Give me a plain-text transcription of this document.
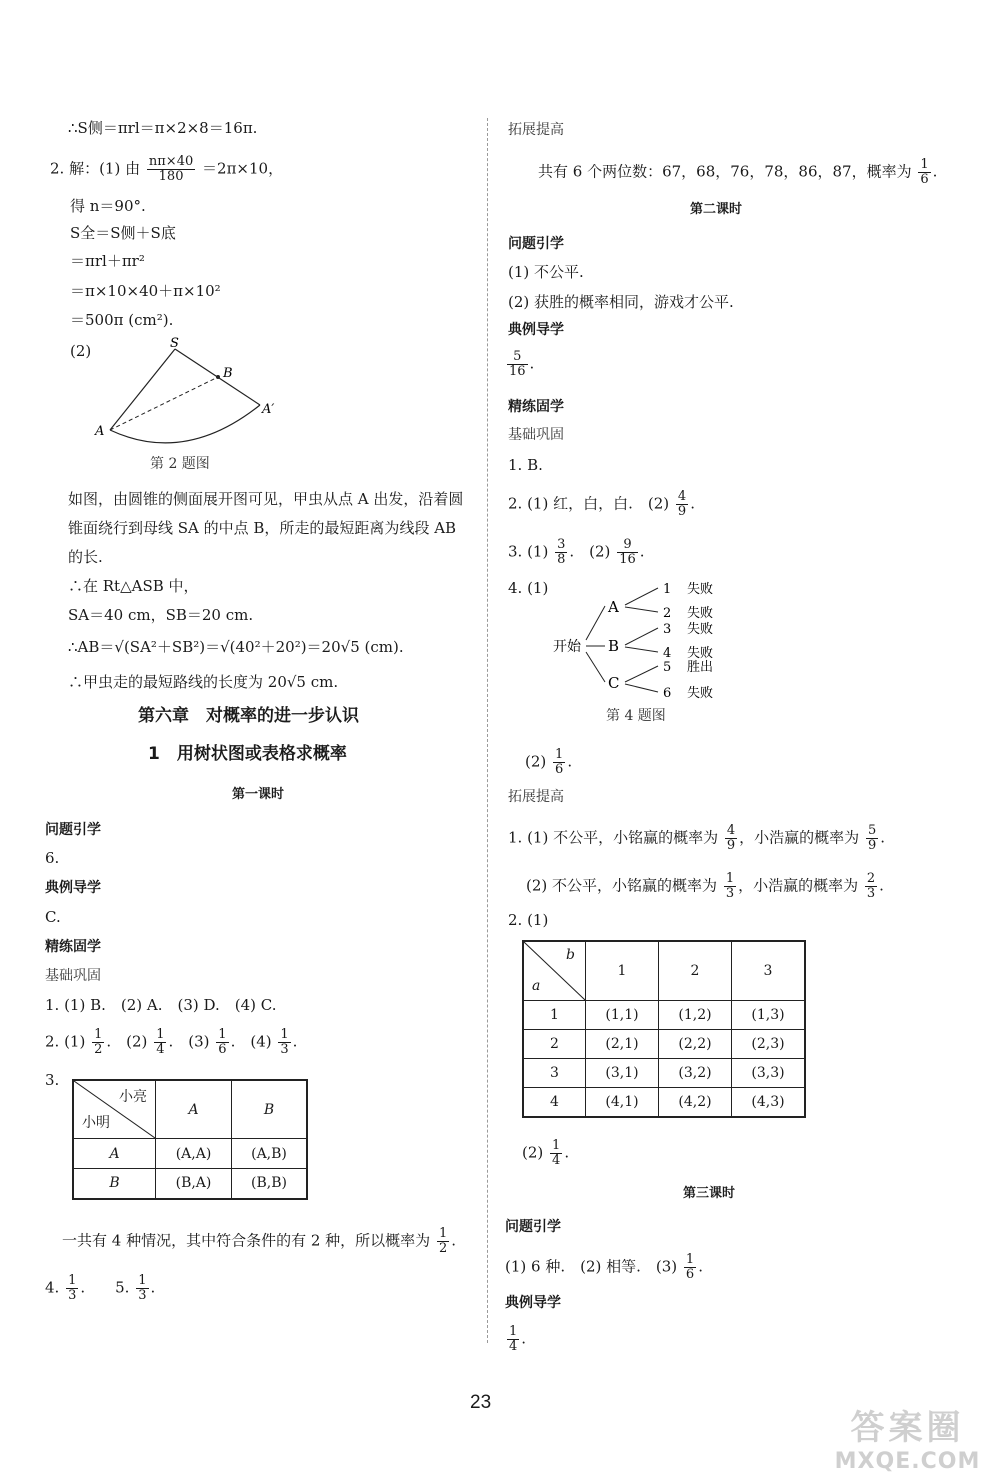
∴S侧＝πrl＝π×2×8＝16π.
2. 解：(1) 由 $\frac{n\pi\times 40}{180} =2\pi\times 10$，
得 n＝90°.
S全＝S侧＋S底
＝πrl＋πr²
＝π×10×40＋π×10²
＝500π (cm²).
(2)	S
B
A
A′
第 2 题图
如图，由圆锥的侧面展开图可见，甲虫从点 A 出发，沿着圆
锥面绕行到母线 SA 的中点 B，所走的最短距离为线段 AB
的长.
∴在 Rt△ASB 中，
SA＝40 cm，SB＝20 cm.
∴AB＝√(SA²＋SB²)＝√(40²＋20²)＝20√5 (cm).
∴甲虫走的最短路线的长度为 20√5 cm.
第六章　对概率的进一步认识
1　用树状图或表格求概率
第一课时
问题引学
6.
典例导学
C.
精练固学
基础巩固
1. (1) B.　(2) A.　(3) D.　(4) C.
2. $(1) \frac{1}{2}$ .　$(2) \frac{1}{4}$ .　$(3) \frac{1}{6}$ .　$(4) \frac{1}{3}$ .
3.
小亮
小明	A	B
A	(A,A)	(A,B)
B	(B,A)	(B,B)
一共有 4 种情况，其中符合条件的有 2 种，所以概率为 $\frac{1}{2}$ .
4. $\frac{1}{3}$ .　　5. $\frac{1}{3}$ .
拓展提高
共有 6 个两位数：67，68，76，78，86，87，概率为 $\frac{1}{6}$ .
第二课时
问题引学
(1) 不公平.
(2) 获胜的概率相同，游戏才公平.
典例导学
$\frac{5}{16}$ .
精练固学
基础巩固
1. B.
2. (1) 红，白，白.　$(2) \frac{4}{9}$ .
3. $(1) \frac{3}{8}$ .　$(2) \frac{9}{16}$ .
4. (1)
开始
A
B
C
1 失败
2 失败
3 失败
4 失败
5 胜出
6 失败
第 4 题图
$(2) \frac{1}{6}$ .
拓展提高
1. (1) 不公平，小铭赢的概率为 $\frac{4}{9}$ ，小浩赢的概率为 $\frac{5}{9}$ .
(2) 不公平，小铭赢的概率为 $\frac{1}{3}$ ，小浩赢的概率为 $\frac{2}{3}$ .
2. (1)
b
a	1	2	3
1	(1,1)	(1,2)	(1,3)
2	(2,1)	(2,2)	(2,3)
3	(3,1)	(3,2)	(3,3)
4	(4,1)	(4,2)	(4,3)
$(2) \frac{1}{4}$ .
第三课时
问题引学
(1) 6 种.　(2) 相等.　$(3) \frac{1}{6}$ .
典例导学
$\frac{1}{4}$ .
23
答案圈
MXQE.COM
